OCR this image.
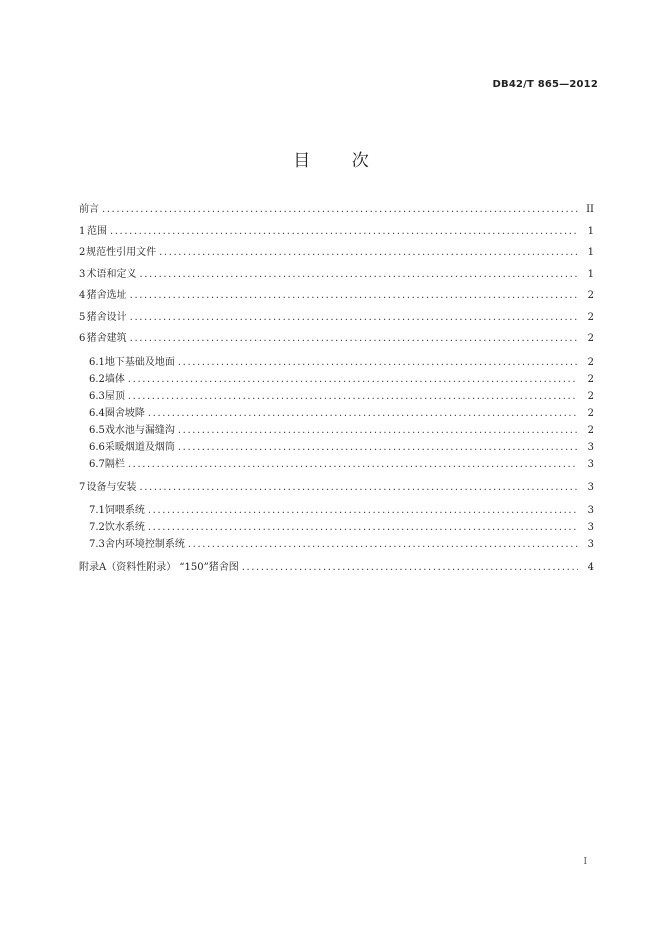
DB42/T 865—2012
目 次
前言 .....	II
1 范围 .....	1
2 规范性引用文件 .....	1
3 术语和定义 .....	1
4 猪舍选址 .....	2
5 猪舍设计 .....	2
6 猪舍建筑 .....	2
6.1 地下基础及地面 .....	2
6.2 墙体 .....	2
6.3 屋顶 .....	2
6.4 圈舍坡降 .....	2
6.5 戏水池与漏缝沟 .....	2
6.6 采暖烟道及烟筒 .....	3
6.7 隔栏 .....	3
7 设备与安装 .....	3
7.1 饲喂系统 .....	3
7.2 饮水系统 .....	3
7.3 舍内环境控制系统 .....	3
附录A（资料性附录） “150”猪舍图 .....	4
I
